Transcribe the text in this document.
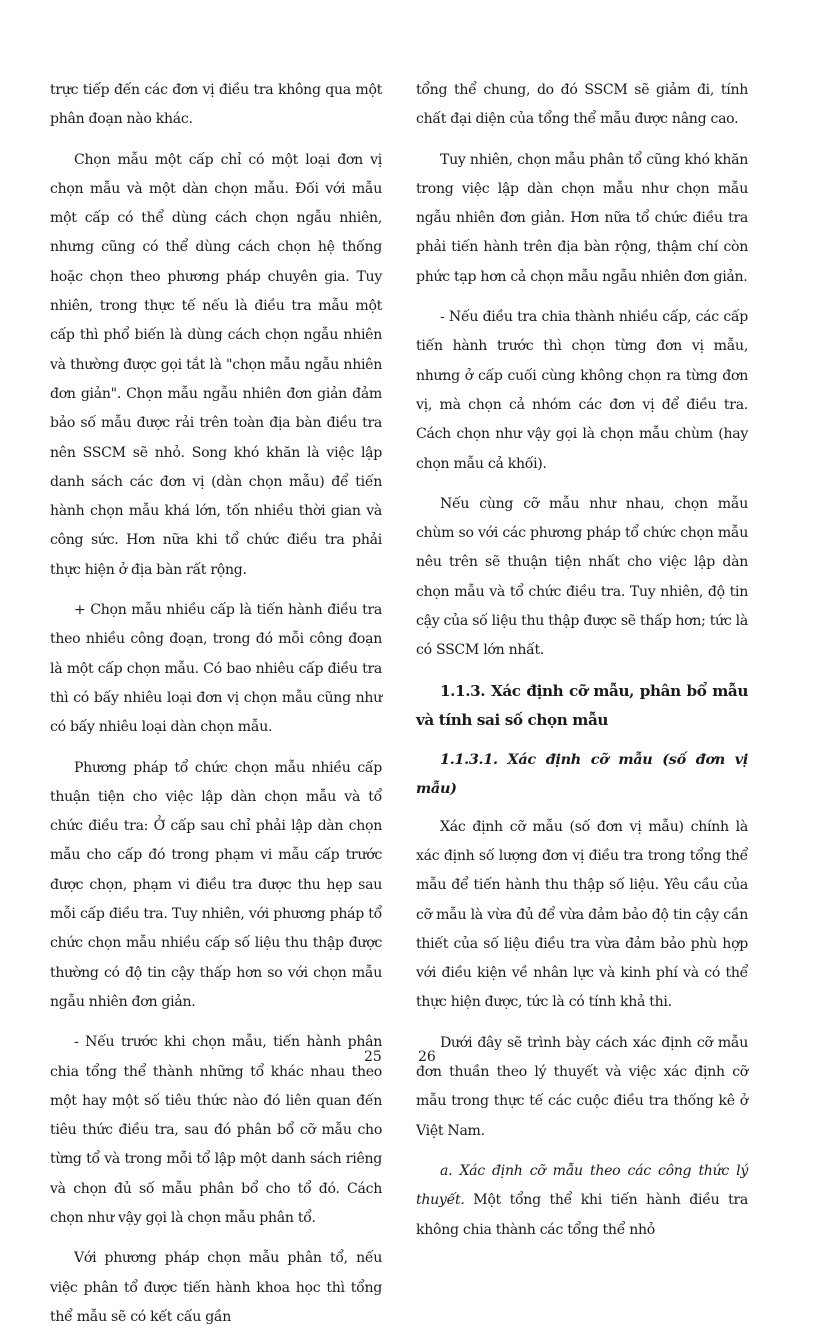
trực tiếp đến các đơn vị điều tra không qua một phân đoạn nào khác.

Chọn mẫu một cấp chỉ có một loại đơn vị chọn mẫu và một dàn chọn mẫu. Đối với mẫu một cấp có thể dùng cách chọn ngẫu nhiên, nhưng cũng có thể dùng cách chọn hệ thống hoặc chọn theo phương pháp chuyên gia. Tuy nhiên, trong thực tế nếu là điều tra mẫu một cấp thì phổ biến là dùng cách chọn ngẫu nhiên và thường được gọi tắt là "chọn mẫu ngẫu nhiên đơn giản". Chọn mẫu ngẫu nhiên đơn giản đảm bảo số mẫu được rải trên toàn địa bàn điều tra nên SSCM sẽ nhỏ. Song khó khăn là việc lập danh sách các đơn vị (dàn chọn mẫu) để tiến hành chọn mẫu khá lớn, tốn nhiều thời gian và công sức. Hơn nữa khi tổ chức điều tra phải thực hiện ở địa bàn rất rộng.

+ Chọn mẫu nhiều cấp là tiến hành điều tra theo nhiều công đoạn, trong đó mỗi công đoạn là một cấp chọn mẫu. Có bao nhiêu cấp điều tra thì có bấy nhiêu loại đơn vị chọn mẫu cũng như có bấy nhiêu loại dàn chọn mẫu.

Phương pháp tổ chức chọn mẫu nhiều cấp thuận tiện cho việc lập dàn chọn mẫu và tổ chức điều tra: Ở cấp sau chỉ phải lập dàn chọn mẫu cho cấp đó trong phạm vi mẫu cấp trước được chọn, phạm vi điều tra được thu hẹp sau mỗi cấp điều tra. Tuy nhiên, với phương pháp tổ chức chọn mẫu nhiều cấp số liệu thu thập được thường có độ tin cậy thấp hơn so với chọn mẫu ngẫu nhiên đơn giản.

- Nếu trước khi chọn mẫu, tiến hành phân chia tổng thể thành những tổ khác nhau theo một hay một số tiêu thức nào đó liên quan đến tiêu thức điều tra, sau đó phân bổ cỡ mẫu cho từng tổ và trong mỗi tổ lập một danh sách riêng và chọn đủ số mẫu phân bổ cho tổ đó. Cách chọn như vậy gọi là chọn mẫu phân tổ.

Với phương pháp chọn mẫu phân tổ, nếu việc phân tổ được tiến hành khoa học thì tổng thể mẫu sẽ có kết cấu gần

tổng thể chung, do đó SSCM sẽ giảm đi, tính chất đại diện của tổng thể mẫu được nâng cao.

Tuy nhiên, chọn mẫu phân tổ cũng khó khăn trong việc lập dàn chọn mẫu như chọn mẫu ngẫu nhiên đơn giản. Hơn nữa tổ chức điều tra phải tiến hành trên địa bàn rộng, thậm chí còn phức tạp hơn cả chọn mẫu ngẫu nhiên đơn giản.

- Nếu điều tra chia thành nhiều cấp, các cấp tiến hành trước thì chọn từng đơn vị mẫu, nhưng ở cấp cuối cùng không chọn ra từng đơn vị, mà chọn cả nhóm các đơn vị để điều tra. Cách chọn như vậy gọi là chọn mẫu chùm (hay chọn mẫu cả khối).

Nếu cùng cỡ mẫu như nhau, chọn mẫu chùm so với các phương pháp tổ chức chọn mẫu nêu trên sẽ thuận tiện nhất cho việc lập dàn chọn mẫu và tổ chức điều tra. Tuy nhiên, độ tin cậy của số liệu thu thập được sẽ thấp hơn; tức là có SSCM lớn nhất.

1.1.3. Xác định cỡ mẫu, phân bổ mẫu và tính sai số chọn mẫu
1.1.3.1. Xác định cỡ mẫu (số đơn vị mẫu)

Xác định cỡ mẫu (số đơn vị mẫu) chính là xác định số lượng đơn vị điều tra trong tổng thể mẫu để tiến hành thu thập số liệu. Yêu cầu của cỡ mẫu là vừa đủ để vừa đảm bảo độ tin cậy cần thiết của số liệu điều tra vừa đảm bảo phù hợp với điều kiện về nhân lực và kinh phí và có thể thực hiện được, tức là có tính khả thi.

Dưới đây sẽ trình bày cách xác định cỡ mẫu đơn thuần theo lý thuyết và việc xác định cỡ mẫu trong thực tế các cuộc điều tra thống kê ở Việt Nam.

a. Xác định cỡ mẫu theo các công thức lý thuyết. Một tổng thể khi tiến hành điều tra không chia thành các tổng thể nhỏ

25	26
